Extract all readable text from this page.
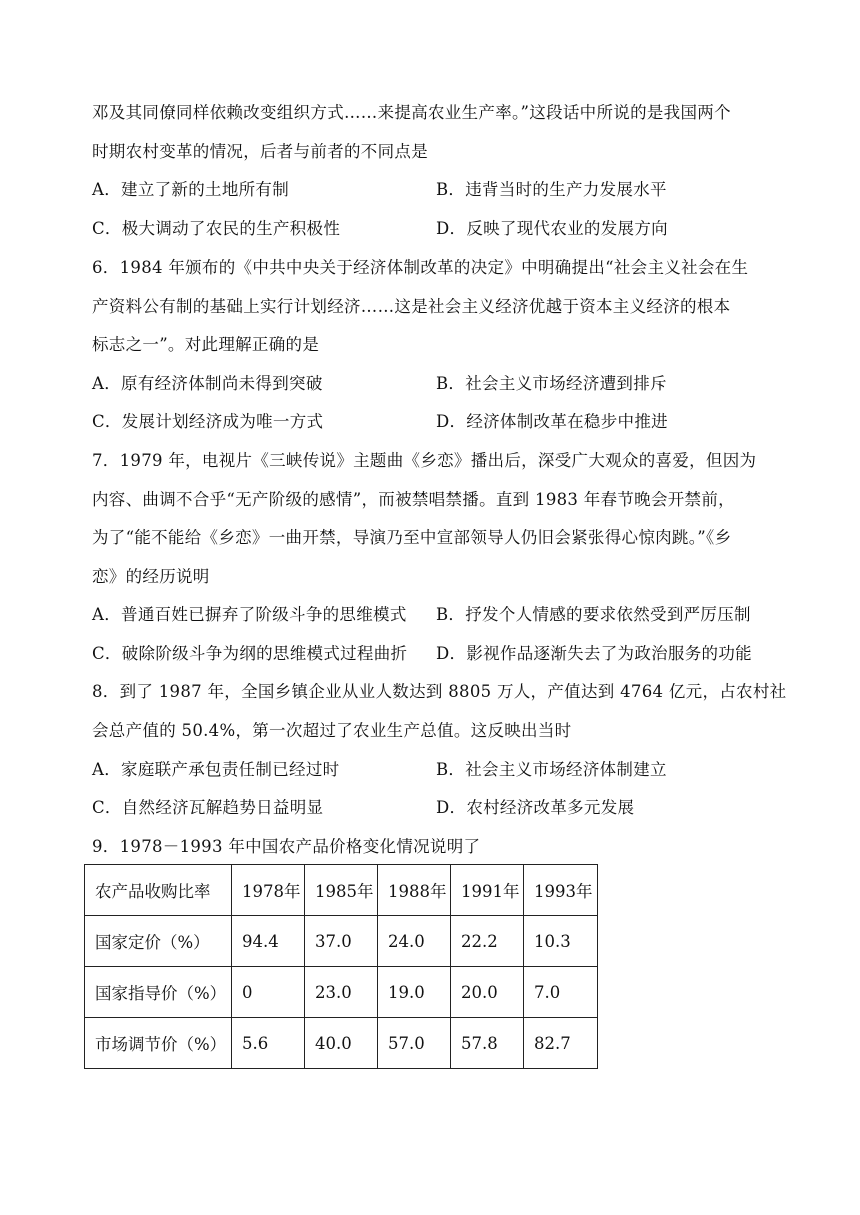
邓及其同僚同样依赖改变组织方式……来提高农业生产率。”这段话中所说的是我国两个
时期农村变革的情况，后者与前者的不同点是
A．建立了新的土地所有制	B．违背当时的生产力发展水平
C．极大调动了农民的生产积极性	D．反映了现代农业的发展方向
6．1984 年颁布的《中共中央关于经济体制改革的决定》中明确提出“社会主义社会在生
产资料公有制的基础上实行计划经济……这是社会主义经济优越于资本主义经济的根本
标志之一”。对此理解正确的是
A．原有经济体制尚未得到突破	B．社会主义市场经济遭到排斥
C．发展计划经济成为唯一方式	D．经济体制改革在稳步中推进
7．1979 年，电视片《三峡传说》主题曲《乡恋》播出后，深受广大观众的喜爱，但因为
内容、曲调不合乎“无产阶级的感情”，而被禁唱禁播。直到 1983 年春节晚会开禁前，
为了“能不能给《乡恋》一曲开禁，导演乃至中宣部领导人仍旧会紧张得心惊肉跳。”《乡
恋》的经历说明
A．普通百姓已摒弃了阶级斗争的思维模式 B．抒发个人情感的要求依然受到严厉压制
C．破除阶级斗争为纲的思维模式过程曲折 D．影视作品逐渐失去了为政治服务的功能
8．到了 1987 年，全国乡镇企业从业人数达到 8805 万人，产值达到 4764 亿元，占农村社
会总产值的 50.4%，第一次超过了农业生产总值。这反映出当时
A．家庭联产承包责任制已经过时	B．社会主义市场经济体制建立
C．自然经济瓦解趋势日益明显	D．农村经济改革多元发展
9．1978－1993 年中国农产品价格变化情况说明了
农产品收购比率	1978年	1985年	1988年	1991年	1993年
国家定价（%）	94.4	37.0	24.0	22.2	10.3
国家指导价（%）	0	23.0	19.0	20.0	7.0
市场调节价（%）	5.6	40.0	57.0	57.8	82.7
